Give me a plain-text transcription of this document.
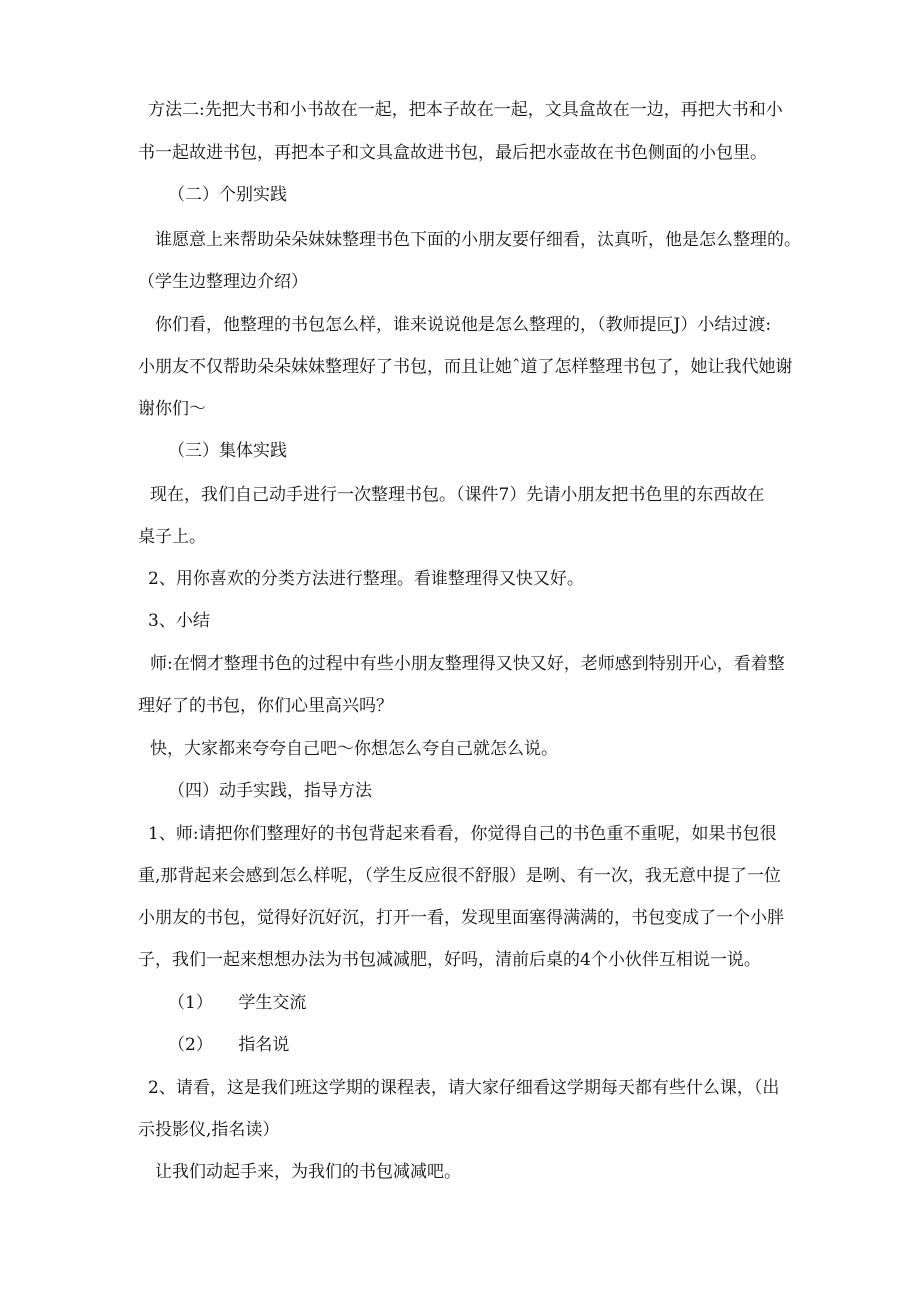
方法二:先把大书和小书故在一起，把本子故在一起，文具盒故在一边，再把大书和小
书一起故进书包，再把本子和文具盒故进书包，最后把水壶故在书色侧面的小包里。
（二）个别实践
谁愿意上来帮助朵朵妹妹整理书色下面的小朋友要仔细看，汰真听，他是怎么整理的。
（学生边整理边介绍）
你们看，他整理的书包怎么样，谁来说说他是怎么整理的，（教师提叵J）小结过渡:
小朋友不仅帮助朵朵妹妹整理好了书包，而且让她ˆ道了怎样整理书包了，她让我代她谢
谢你们〜
（三）集体实践
现在，我们自己动手进行一次整理书包。（课件7）先请小朋友把书色里的东西故在
桌子上。
2、用你喜欢的分类方法进行整理。看谁整理得又快又好。
3、小结
师:在惘才整理书色的过程中有些小朋友整理得又快又好，老师感到特别开心，看着整
理好了的书包，你们心里高兴吗？
快，大家都来夸夸自己吧〜你想怎么夸自己就怎么说。
（四）动手实践，指导方法
1、师:请把你们整理好的书包背起来看看，你觉得自己的书色重不重呢，如果书包很
重,那背起来会感到怎么样呢，（学生反应很不舒服）是咧、有一次，我无意中提了一位
小朋友的书包，觉得好沉好沉，打开一看，发现里面塞得满满的，书包变成了一个小胖
子，我们一起来想想办法为书包减减肥，好吗，清前后桌的4个小伙伴互相说一说。
（1）　　学生交流
（2）　　指名说
2、请看，这是我们班这学期的课程表，请大家仔细看这学期每天都有些什么课，（出
示投影仪,指名读）
让我们动起手来，为我们的书包减减吧。
